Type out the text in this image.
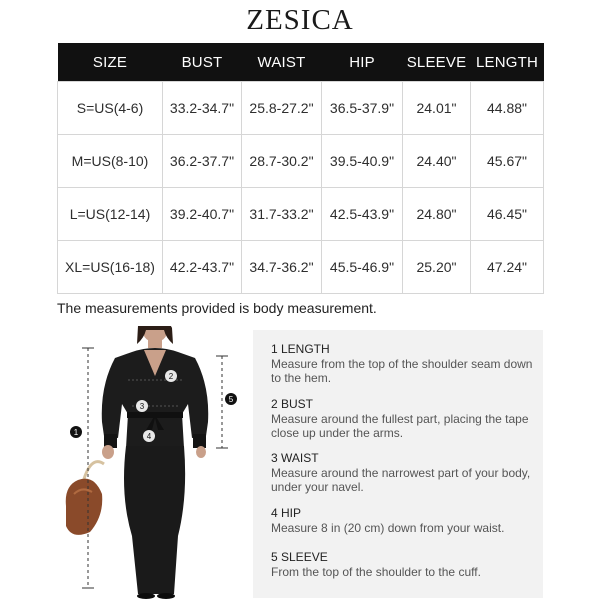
ZESICA
SIZE	BUST	WAIST	HIP	SLEEVE	LENGTH
S=US(4-6)	33.2-34.7"	25.8-27.2"	36.5-37.9"	24.01"	44.88"
M=US(8-10)	36.2-37.7"	28.7-30.2"	39.5-40.9"	24.40"	45.67"
L=US(12-14)	39.2-40.7"	31.7-33.2"	42.5-43.9"	24.80"	46.45"
XL=US(16-18)	42.2-43.7"	34.7-36.2"	45.5-46.9"	25.20"	47.24"
The measurements provided is body measurement.
1
2
3
4
5
1 LENGTH
Measure from the top of the shoulder seam down to the hem.
2 BUST
Measure around the fullest part, placing the tape close up under the arms.
3 WAIST
Measure around the narrowest part of your body, under your navel.
4 HIP
Measure 8 in (20 cm) down from your waist.
5 SLEEVE
From the top of the shoulder to the cuff.
